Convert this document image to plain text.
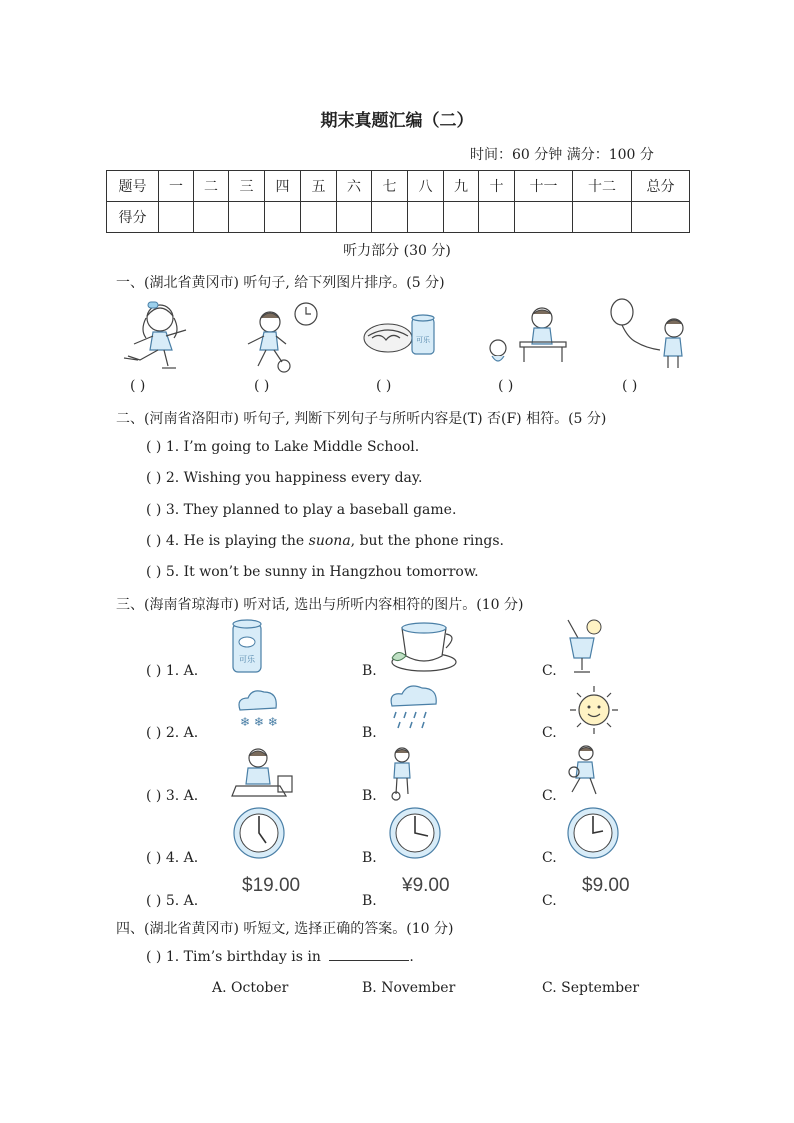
期末真题汇编（二）
时间：60 分钟 满分：100 分
题号	一	二	三	四	五	六	七	八	九	十	十一	十二	总分
得分													
听力部分 (30 分)
一、(湖北省黄冈市) 听句子, 给下列图片排序。(5 分)
可乐
( )	( )	( )	( )	( )
二、(河南省洛阳市) 听句子, 判断下列句子与所听内容是(T) 否(F) 相符。(5 分)
( ) 1. I’m going to Lake Middle School.
( ) 2. Wishing you happiness every day.
( ) 3. They planned to play a baseball game.
( ) 4. He is playing the suona, but the phone rings.
( ) 5. It won’t be sunny in Hangzhou tomorrow.
三、(海南省琼海市) 听对话, 选出与所听内容相符的图片。(10 分)
( ) 1. A.
可乐
B.	C.
( ) 2. A.
❄ ❄ ❄
B.	C.
( ) 3. A.	B.	C.
( ) 4. A.	B.	C.
( ) 5. A.
$19.00
B.
¥9.00
C.
$9.00
四、(湖北省黄冈市) 听短文, 选择正确的答案。(10 分)
( ) 1. Tim’s birthday is in	.
A. October	B. November	C. September
